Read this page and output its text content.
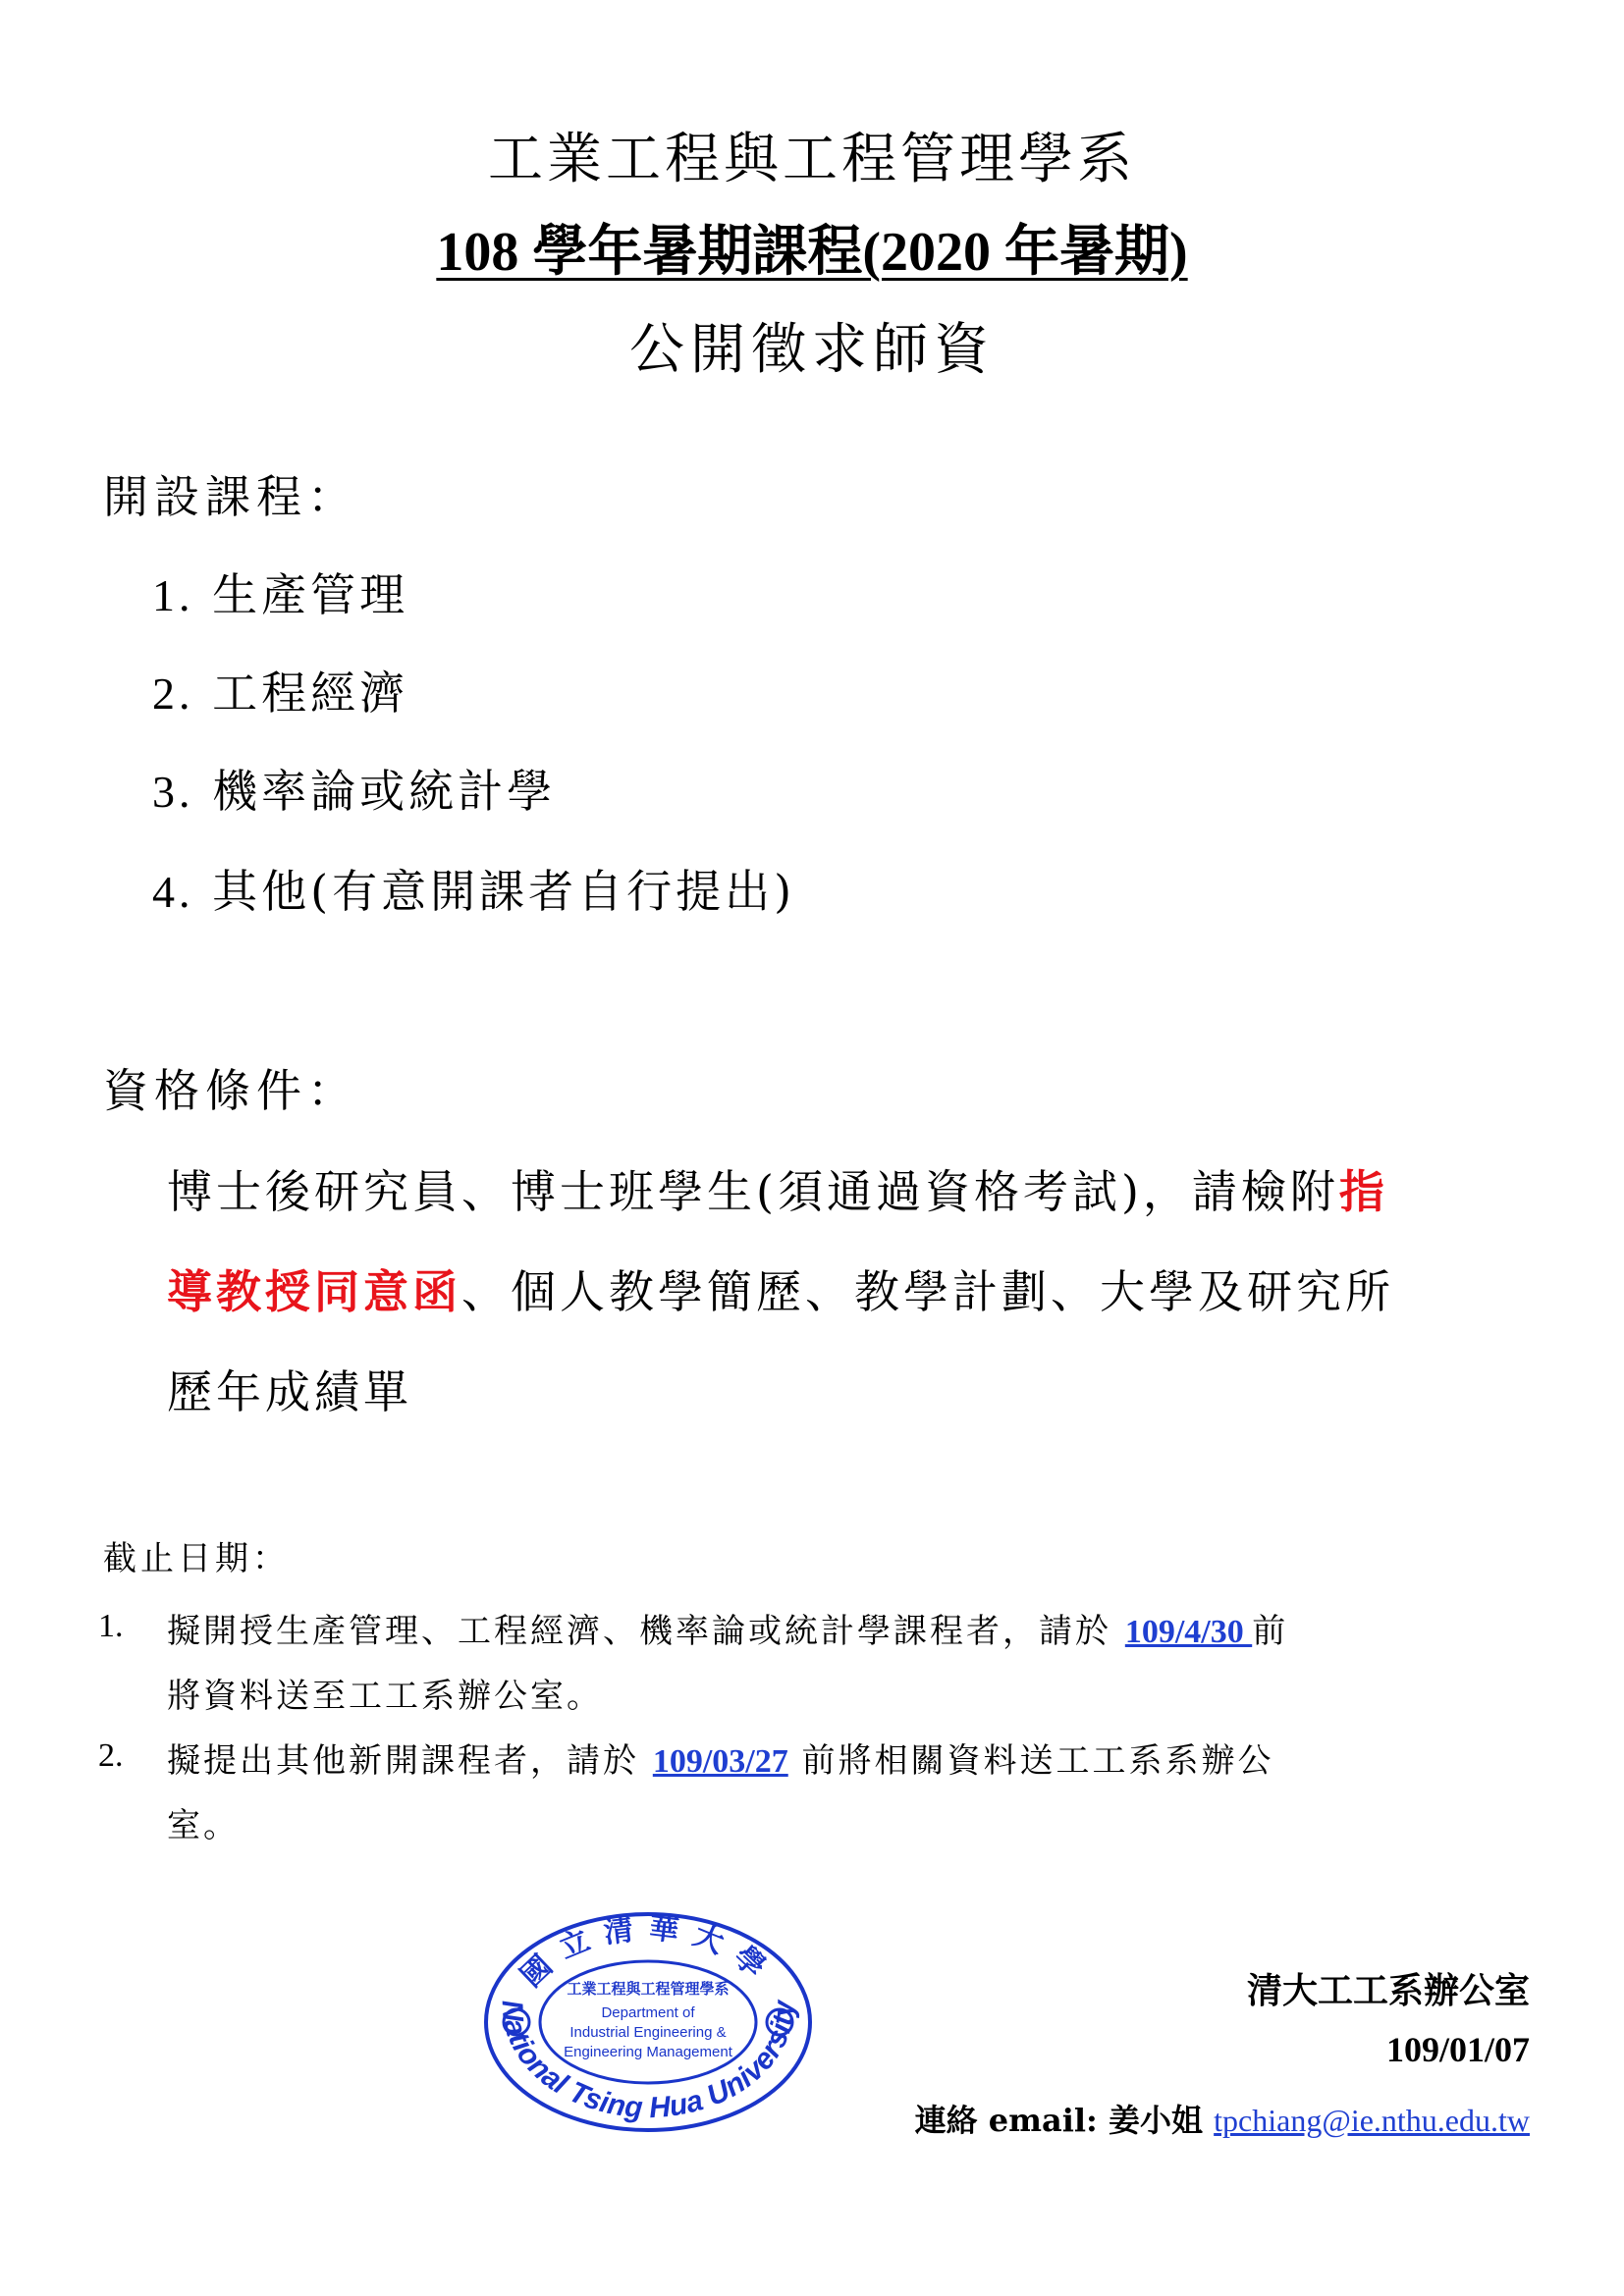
工業工程與工程管理學系
108 學年暑期課程(2020 年暑期)
公開徵求師資
開設課程：
1. 生產管理
2. 工程經濟
3. 機率論或統計學
4. 其他(有意開課者自行提出)
資格條件：
博士後研究員、博士班學生(須通過資格考試)，請檢附指
導教授同意函、個人教學簡歷、教學計劃、大學及研究所
歷年成績單
截止日期：
1. 擬開授生產管理、工程經濟、機率論或統計學課程者，請於 109/4/30 前
將資料送至工工系辦公室。
2. 擬提出其他新開課程者，請於 109/03/27 前將相關資料送工工系系辦公
室。
國立清華大學
National Tsing Hua University
工業工程與工程管理學系
Department of
Industrial Engineering &
Engineering Management
清大工工系辦公室
109/01/07
連絡 email: 姜小姐 tpchiang@ie.nthu.edu.tw
